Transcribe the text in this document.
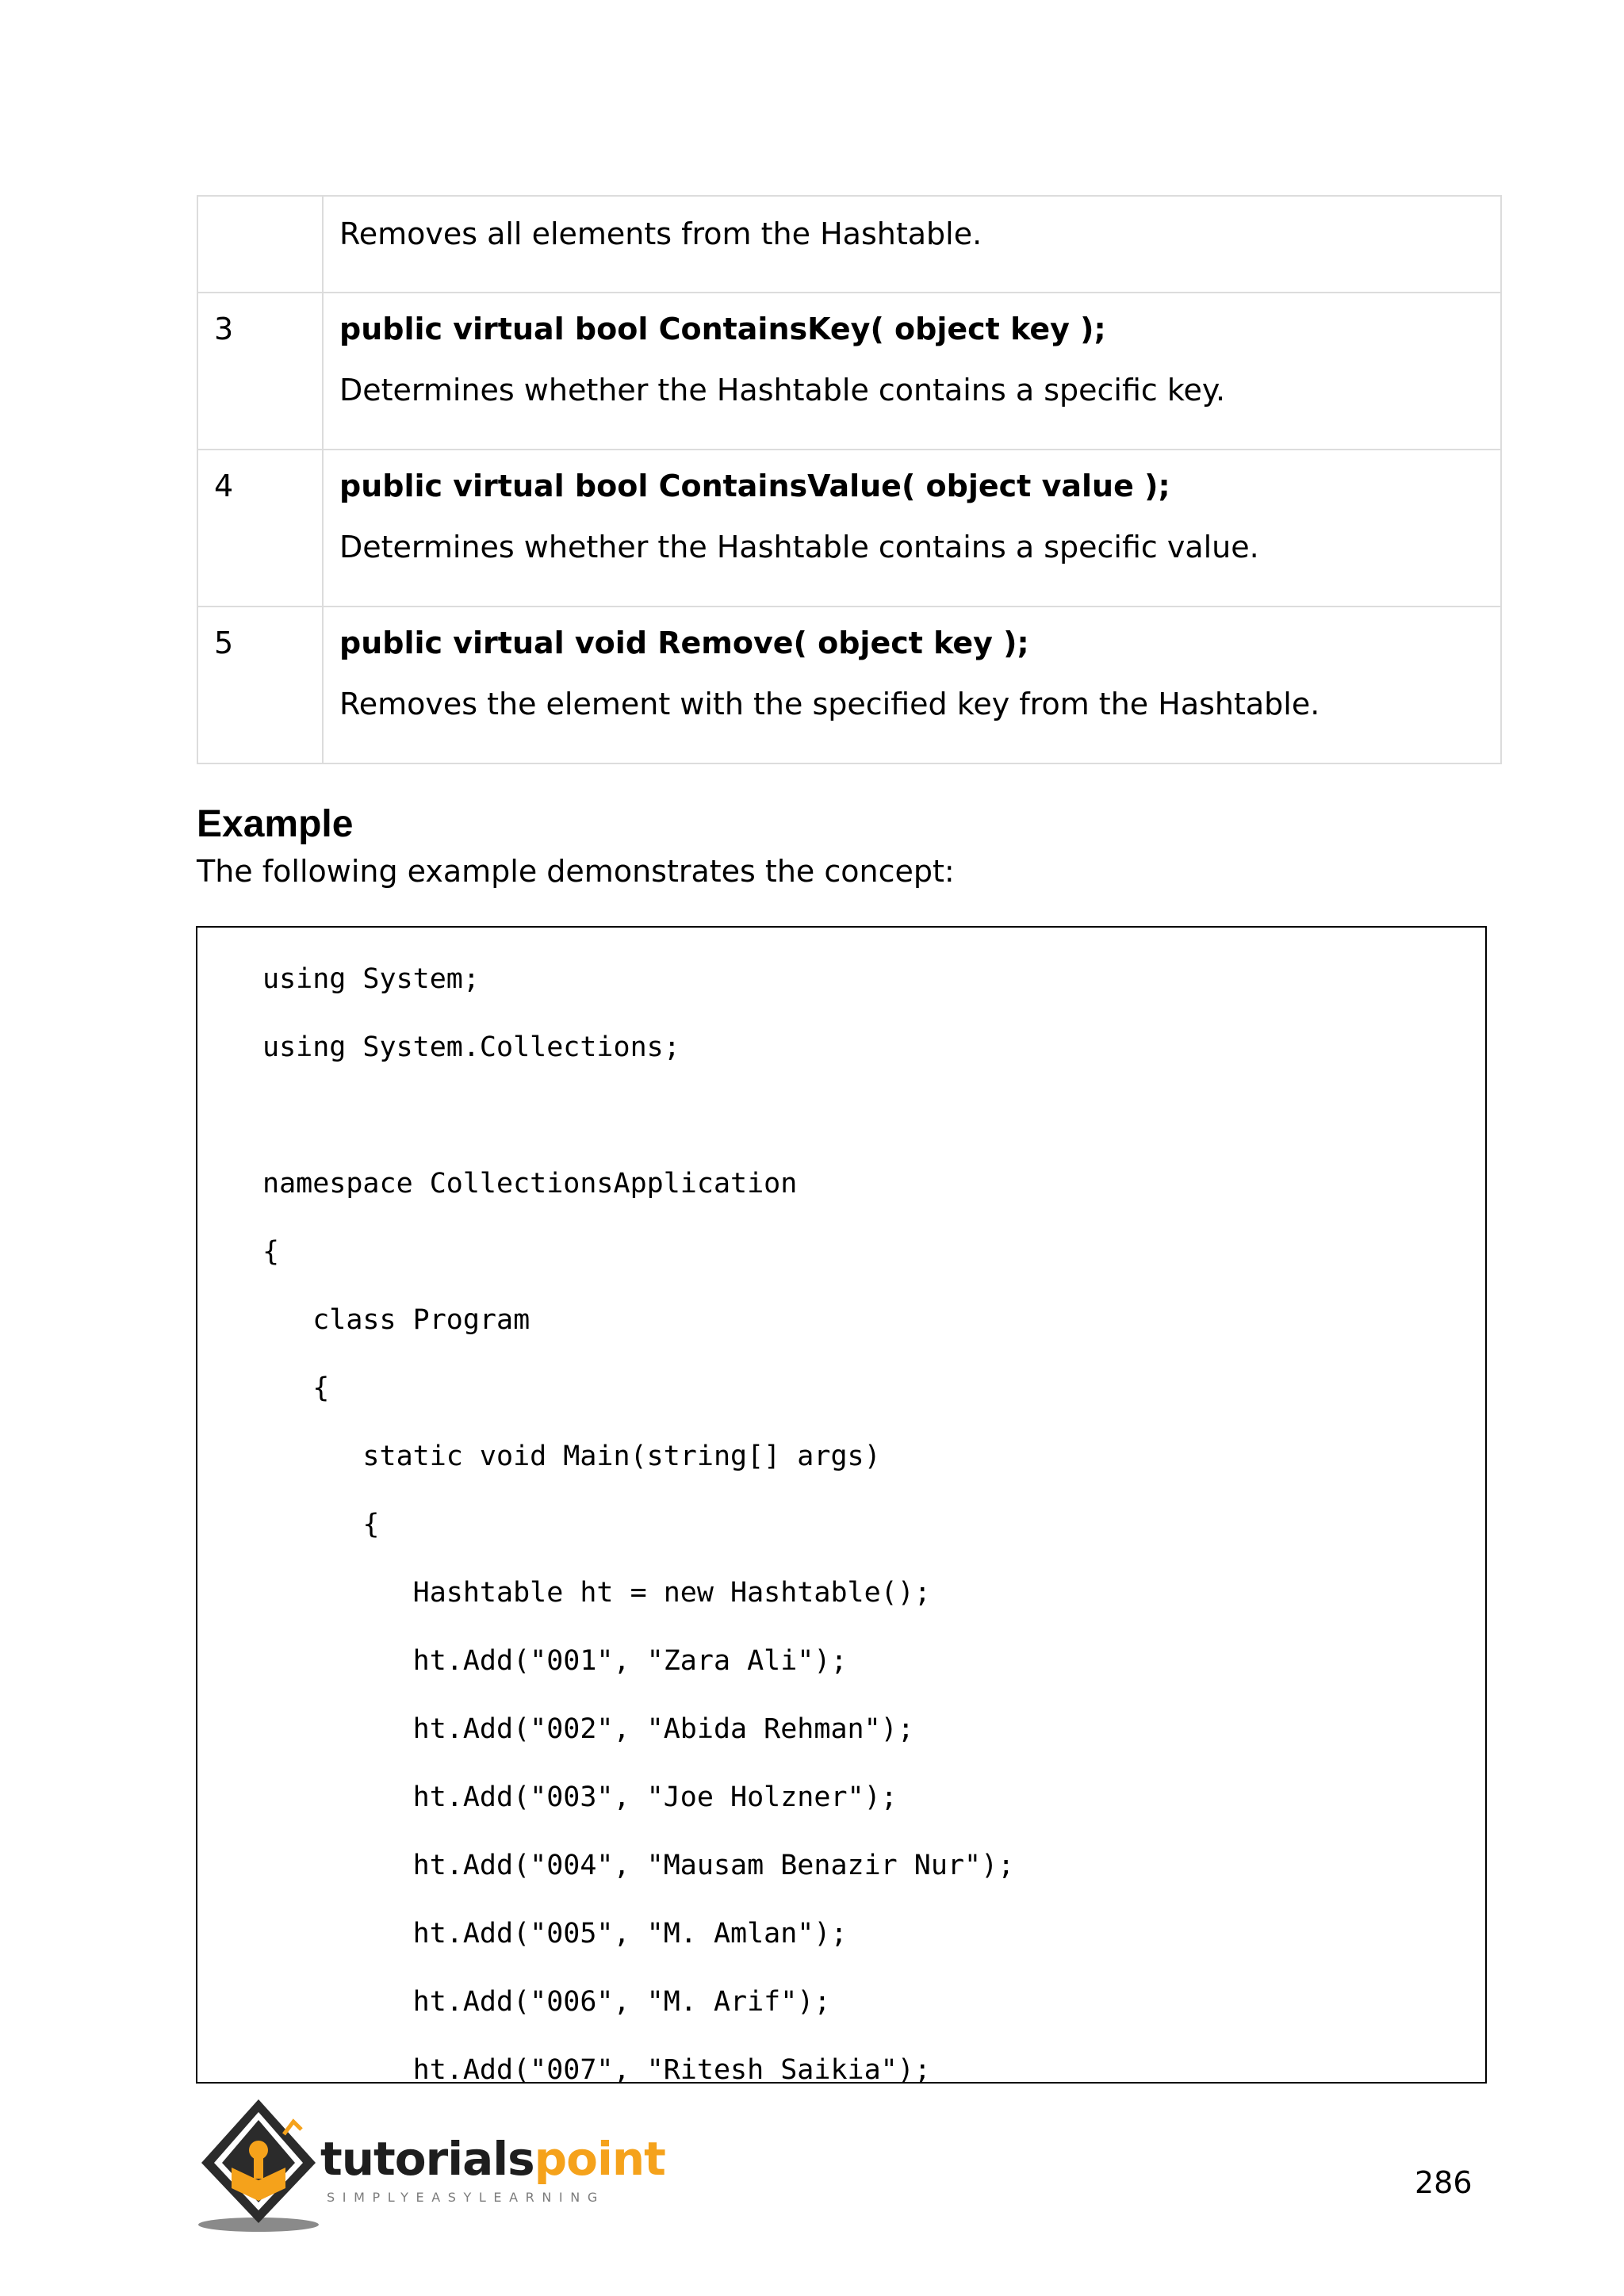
	Removes all elements from the Hashtable.

3	public virtual bool ContainsKey( object key );
Determines whether the Hashtable contains a specific key.

4	public virtual bool ContainsValue( object value );
Determines whether the Hashtable contains a specific value.

5	public virtual void Remove( object key );
Removes the element with the specified key from the Hashtable.
Example

The following example demonstrates the concept:

using System;
using System.Collections;
namespace CollectionsApplication
{
class Program
{
static void Main(string[] args)
{
Hashtable ht = new Hashtable();
ht.Add("001", "Zara Ali");
ht.Add("002", "Abida Rehman");
ht.Add("003", "Joe Holzner");
ht.Add("004", "Mausam Benazir Nur");
ht.Add("005", "M. Amlan");
ht.Add("006", "M. Arif");
ht.Add("007", "Ritesh Saikia");
tutorialspoint
SIMPLYEASYLEARNING	286
